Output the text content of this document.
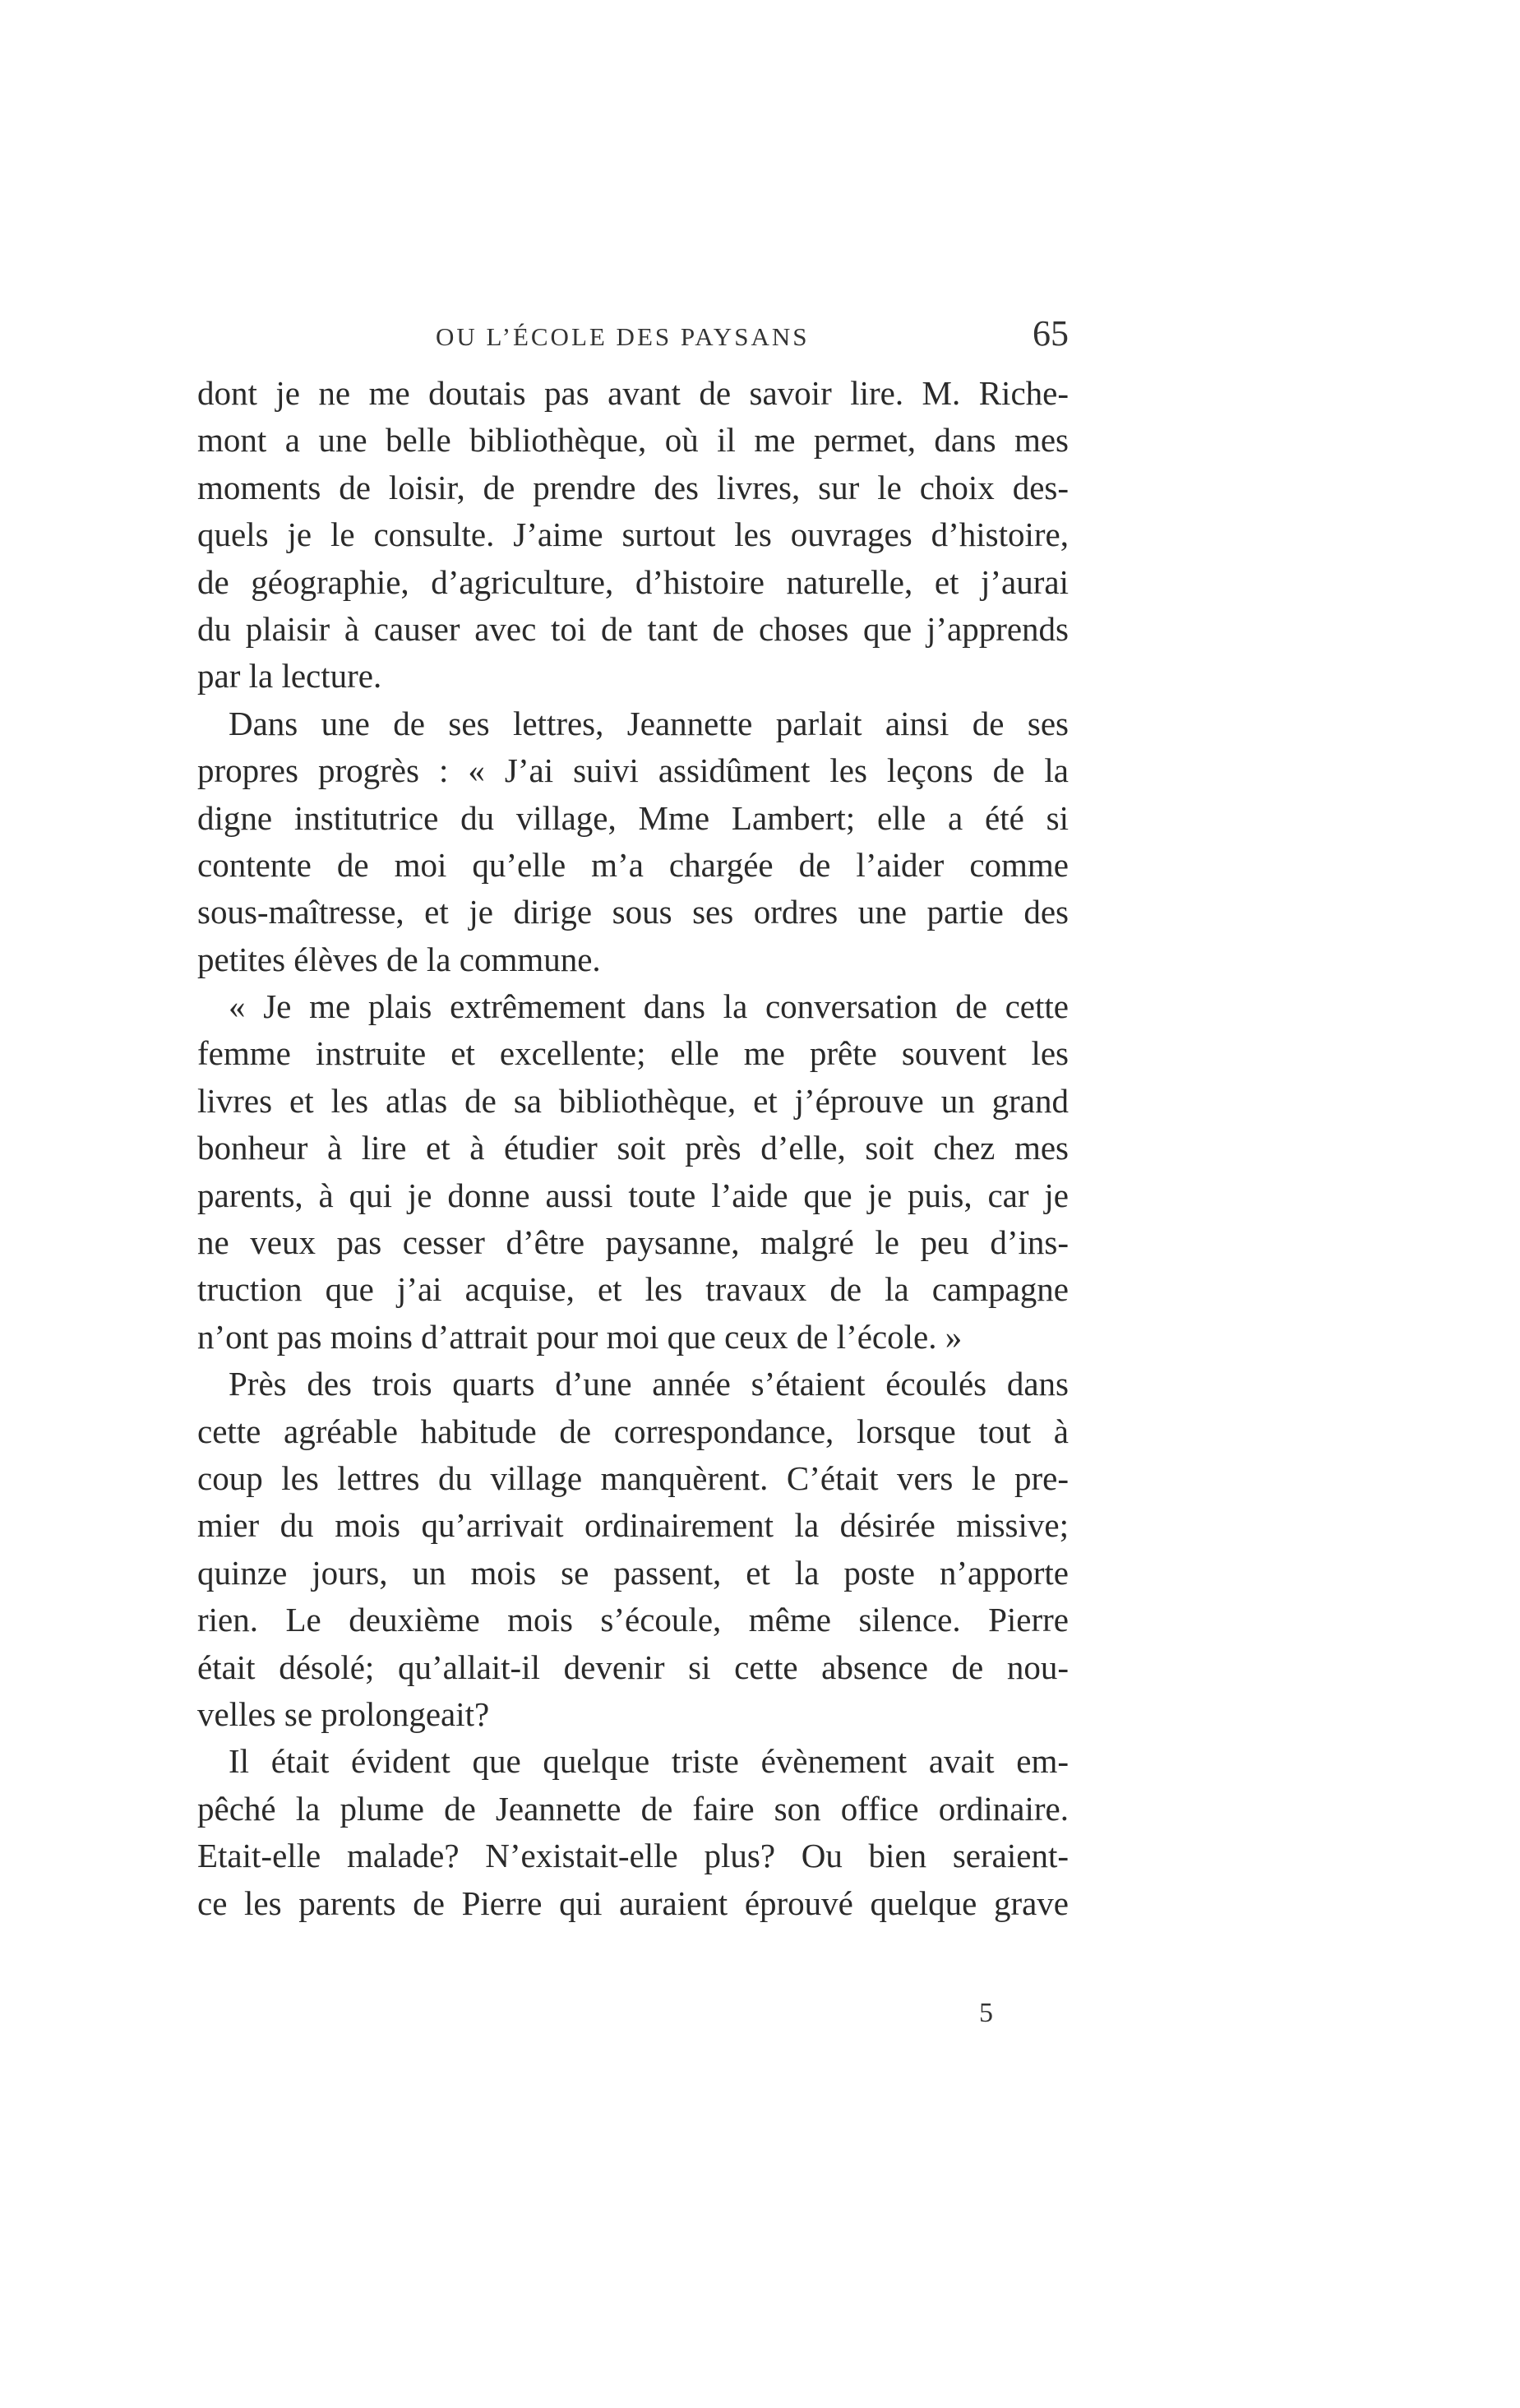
OU L’ÉCOLE DES PAYSANS	65
dont je ne me doutais pas avant de savoir lire. M. Riche-
mont a une belle bibliothèque, où il me permet, dans mes
moments de loisir, de prendre des livres, sur le choix des-
quels je le consulte. J’aime surtout les ouvrages d’histoire,
de géographie, d’agriculture, d’histoire naturelle, et j’aurai
du plaisir à causer avec toi de tant de choses que j’apprends
par la lecture.
Dans une de ses lettres, Jeannette parlait ainsi de ses
propres progrès : « J’ai suivi assidûment les leçons de la
digne institutrice du village, Mme Lambert; elle a été si
contente de moi qu’elle m’a chargée de l’aider comme
sous-maîtresse, et je dirige sous ses ordres une partie des
petites élèves de la commune.
« Je me plais extrêmement dans la conversation de cette
femme instruite et excellente; elle me prête souvent les
livres et les atlas de sa bibliothèque, et j’éprouve un grand
bonheur à lire et à étudier soit près d’elle, soit chez mes
parents, à qui je donne aussi toute l’aide que je puis, car je
ne veux pas cesser d’être paysanne, malgré le peu d’ins-
truction que j’ai acquise, et les travaux de la campagne
n’ont pas moins d’attrait pour moi que ceux de l’école. »
Près des trois quarts d’une année s’étaient écoulés dans
cette agréable habitude de correspondance, lorsque tout à
coup les lettres du village manquèrent. C’était vers le pre-
mier du mois qu’arrivait ordinairement la désirée missive;
quinze jours, un mois se passent, et la poste n’apporte
rien. Le deuxième mois s’écoule, même silence. Pierre
était désolé; qu’allait-il devenir si cette absence de nou-
velles se prolongeait?
Il était évident que quelque triste évènement avait em-
pêché la plume de Jeannette de faire son office ordinaire.
Etait-elle malade? N’existait-elle plus? Ou bien seraient-
ce les parents de Pierre qui auraient éprouvé quelque grave
5
